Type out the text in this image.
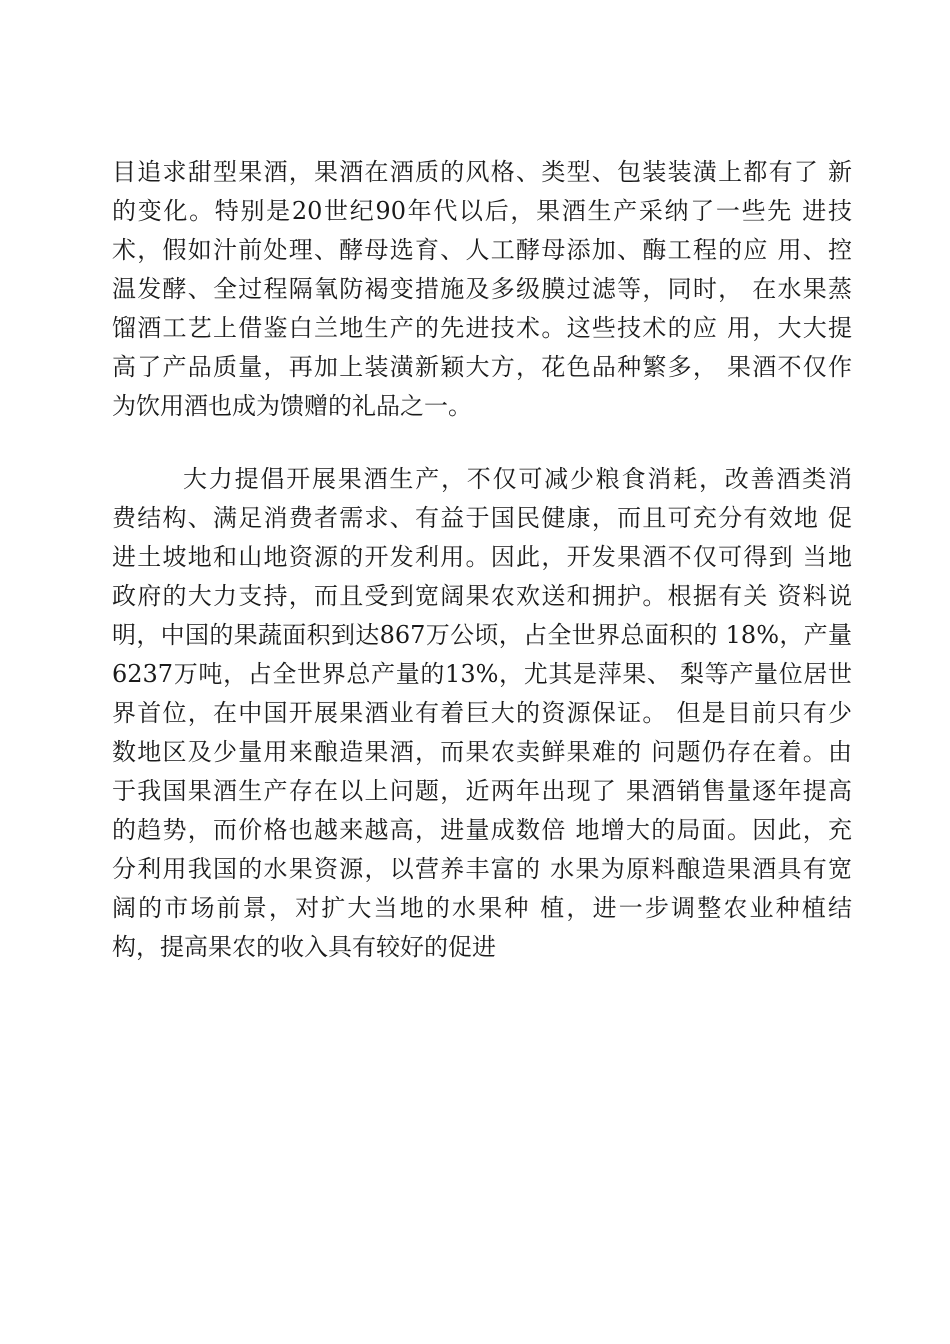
目追求甜型果酒，果酒在酒质的风格、类型、包装装潢上都有了 新
的变化。特别是20世纪90年代以后，果酒生产采纳了一些先 进技
术，假如汁前处理、酵母选育、人工酵母添加、酶工程的应 用、控
温发酵、全过程隔氧防褐变措施及多级膜过滤等，同时， 在水果蒸
馏酒工艺上借鉴白兰地生产的先进技术。这些技术的应 用，大大提
高了产品质量，再加上装潢新颖大方，花色品种繁多， 果酒不仅作
为饮用酒也成为馈赠的礼品之一。
大力提倡开展果酒生产，不仅可减少粮食消耗，改善酒类消
费结构、满足消费者需求、有益于国民健康，而且可充分有效地 促
进土坡地和山地资源的开发利用。因此，开发果酒不仅可得到 当地
政府的大力支持，而且受到宽阔果农欢送和拥护。根据有关 资料说
明，中国的果蔬面积到达867万公顷，占全世界总面积的 18%，产量
6237万吨，占全世界总产量的13%，尤其是萍果、 梨等产量位居世
界首位，在中国开展果酒业有着巨大的资源保证。 但是目前只有少
数地区及少量用来酿造果酒，而果农卖鲜果难的 问题仍存在着。由
于我国果酒生产存在以上问题，近两年出现了 果酒销售量逐年提高
的趋势，而价格也越来越高，进量成数倍 地增大的局面。因此，充
分利用我国的水果资源，以营养丰富的 水果为原料酿造果酒具有宽
阔的市场前景，对扩大当地的水果种 植，进一步调整农业种植结
构，提高果农的收入具有较好的促进
